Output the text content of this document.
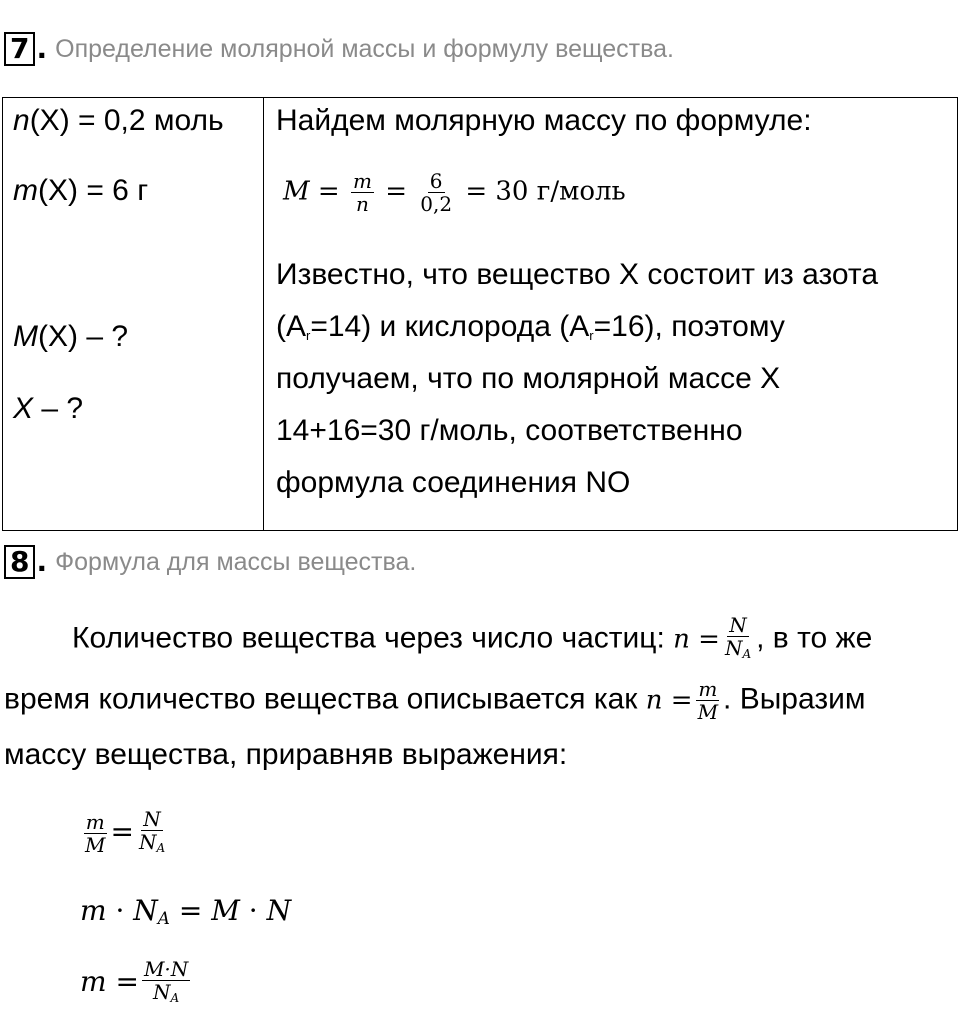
7 . Определение молярной массы и формулу вещества.
n(X) = 0,2 моль
m(X) = 6 г
M(X) – ?
X – ?
Найдем молярную массу по формуле:
$M = \frac{m}{n} = \frac{6}{0,2} = 30$ г/моль
Известно, что вещество X состоит из азота
(Ar=14) и кислорода (Ar=16), поэтому
получаем, что по молярной массе X
14+16=30 г/моль, соответственно
формула соединения NO
8 . Формула для массы вещества.
Количество вещества через число частиц: $n = \frac{N}{N_A}$ , в то же
время количество вещества описывается как $n = \frac{m}{M}$ . Выразим
массу вещества, приравняв выражения:
$\frac{m}{M} = \frac{N}{N_A}$
$m \cdot N_A = M \cdot N$
$m = \frac{M\cdot N}{N_A}$
